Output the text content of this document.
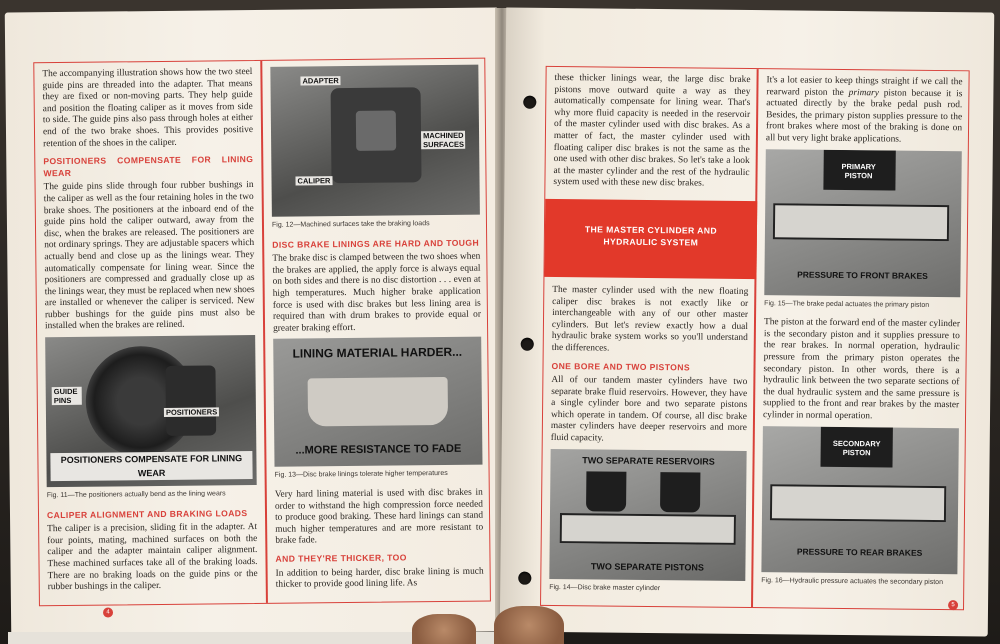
The accompanying illustration shows how the two steel guide pins are threaded into the adapter. That means they are fixed or non-moving parts. They help guide and position the floating caliper as it moves from side to side. The guide pins also pass through holes at either end of the two brake shoes. This provides positive retention of the shoes in the caliper.

POSITIONERS COMPENSATE FOR LINING WEAR

The guide pins slide through four rubber bushings in the caliper as well as the four retaining holes in the two brake shoes. The positioners at the inboard end of the guide pins hold the caliper outward, away from the disc, when the brakes are released. The positioners are not ordinary springs. They are adjustable spacers which actually bend and close up as the linings wear. They automatically compensate for lining wear. Since the positioners are compressed and gradually close up as the linings wear, they must be replaced when new shoes are installed or whenever the caliper is serviced. New rubber bushings for the guide pins must also be installed when the brakes are relined.

GUIDE PINS
POSITIONERS
POSITIONERS COMPENSATE FOR LINING WEAR
Fig. 11—The positioners actually bend as the lining wears
CALIPER ALIGNMENT AND BRAKING LOADS

The caliper is a precision, sliding fit in the adapter. At four points, mating, machined surfaces on both the caliper and the adapter maintain caliper alignment. These machined surfaces take all of the braking loads. There are no braking loads on the guide pins or the rubber bushings in the caliper.

ADAPTER
MACHINED SURFACES
CALIPER
Fig. 12—Machined surfaces take the braking loads
DISC BRAKE LININGS ARE HARD AND TOUGH

The brake disc is clamped between the two shoes when the brakes are applied, the apply force is always equal on both sides and there is no disc distortion . . . even at high temperatures. Much higher brake application force is used with disc brakes but less lining area is required than with drum brakes to provide equal or greater braking effort.

LINING MATERIAL HARDER...
...MORE RESISTANCE TO FADE
Fig. 13—Disc brake linings tolerate higher temperatures

Very hard lining material is used with disc brakes in order to withstand the high compression force needed to produce good braking. These hard linings can stand much higher temperatures and are more resistant to brake fade.

AND THEY'RE THICKER, TOO

In addition to being harder, disc brake lining is much thicker to provide good lining life. As

4

these thicker linings wear, the large disc brake pistons move outward quite a way as they automatically compensate for lining wear. That's why more fluid capacity is needed in the reservoir of the master cylinder used with disc brakes. As a matter of fact, the master cylinder used with floating caliper disc brakes is not the same as the one used with other disc brakes. So let's take a look at the master cylinder and the rest of the hydraulic system used with these new disc brakes.

THE MASTER CYLINDER AND HYDRAULIC SYSTEM

The master cylinder used with the new floating caliper disc brakes is not exactly like or interchangeable with any of our other master cylinders. But let's review exactly how a dual hydraulic brake system works so you'll understand the differences.

ONE BORE AND TWO PISTONS

All of our tandem master cylinders have two separate brake fluid reservoirs. However, they have a single cylinder bore and two separate pistons which operate in tandem. Of course, all disc brake master cylinders have deeper reservoirs and more fluid capacity.

TWO SEPARATE RESERVOIRS
TWO SEPARATE PISTONS
Fig. 14—Disc brake master cylinder

It's a lot easier to keep things straight if we call the rearward piston the primary piston because it is actuated directly by the brake pedal push rod. Besides, the primary piston supplies pressure to the front brakes where most of the braking is done on all but very light brake applications.

PRIMARY PISTON
PRESSURE TO FRONT BRAKES
Fig. 15—The brake pedal actuates the primary piston

The piston at the forward end of the master cylinder is the secondary piston and it supplies pressure to the rear brakes. In normal operation, hydraulic pressure from the primary piston operates the secondary piston. In other words, there is a hydraulic link between the two separate sections of the dual hydraulic system and the same pressure is supplied to the front and rear brakes by the master cylinder in normal operation.

SECONDARY PISTON
PRESSURE TO REAR BRAKES
Fig. 16—Hydraulic pressure actuates the secondary piston
5
